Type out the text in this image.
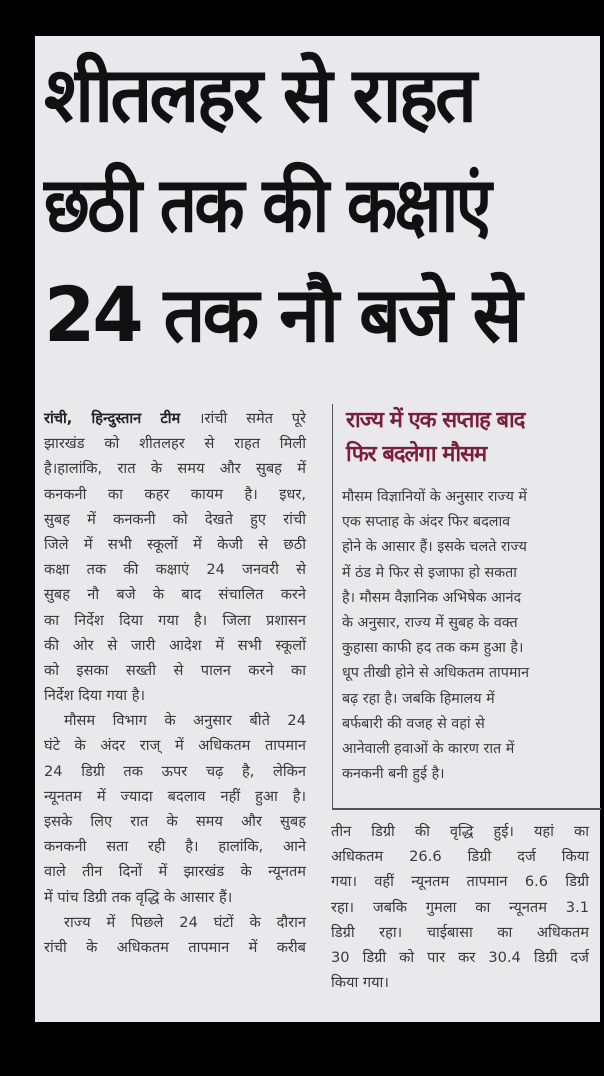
शीतलहर से राहत
छठी तक की कक्षाएं
24 तक नौ बजे से
रांची, हिन्दुस्तान टीम ।रांची समेत पूरे
झारखंड को शीतलहर से राहत मिली
है।हालांकि, रात के समय और सुबह में
कनकनी का कहर कायम है। इधर,
सुबह में कनकनी को देखते हुए रांची
जिले में सभी स्कूलों में केजी से छठी
कक्षा तक की कक्षाएं 24 जनवरी से
सुबह नौ बजे के बाद संचालित करने
का निर्देश दिया गया है। जिला प्रशासन
की ओर से जारी आदेश में सभी स्कूलों
को इसका सख्ती से पालन करने का
निर्देश दिया गया है।
मौसम विभाग के अनुसार बीते 24
घंटे के अंदर राज् में अधिकतम तापमान
24 डिग्री तक ऊपर चढ़ है, लेकिन
न्यूनतम में ज्यादा बदलाव नहीं हुआ है।
इसके लिए रात के समय और सुबह
कनकनी सता रही है। हालांकि, आने
वाले तीन दिनों में झारखंड के न्यूनतम
में पांच डिग्री तक वृद्धि के आसार हैं।
राज्य में पिछले 24 घंटों के दौरान
रांची के अधिकतम तापमान में करीब
राज्य में एक सप्ताह बाद
फिर बदलेगा मौसम
मौसम विज्ञानियों के अनुसार राज्य में
एक सप्ताह के अंदर फिर बदलाव
होने के आसार हैं। इसके चलते राज्य
में ठंड मे फिर से इजाफा हो सकता
है। मौसम वैज्ञानिक अभिषेक आनंद
के अनुसार, राज्य में सुबह के वक्त
कुहासा काफी हद तक कम हुआ है।
धूप तीखी होने से अधिकतम तापमान
बढ़ रहा है। जबकि हिमालय में
बर्फबारी की वजह से वहां से
आनेवाली हवाओं के कारण रात में
कनकनी बनी हुई है।
तीन डिग्री की वृद्धि हुई। यहां का
अधिकतम 26.6 डिग्री दर्ज किया
गया। वहीं न्यूनतम तापमान 6.6 डिग्री
रहा। जबकि गुमला का न्यूनतम 3.1
डिग्री रहा। चाईबासा का अधिकतम
30 डिग्री को पार कर 30.4 डिग्री दर्ज
किया गया।
